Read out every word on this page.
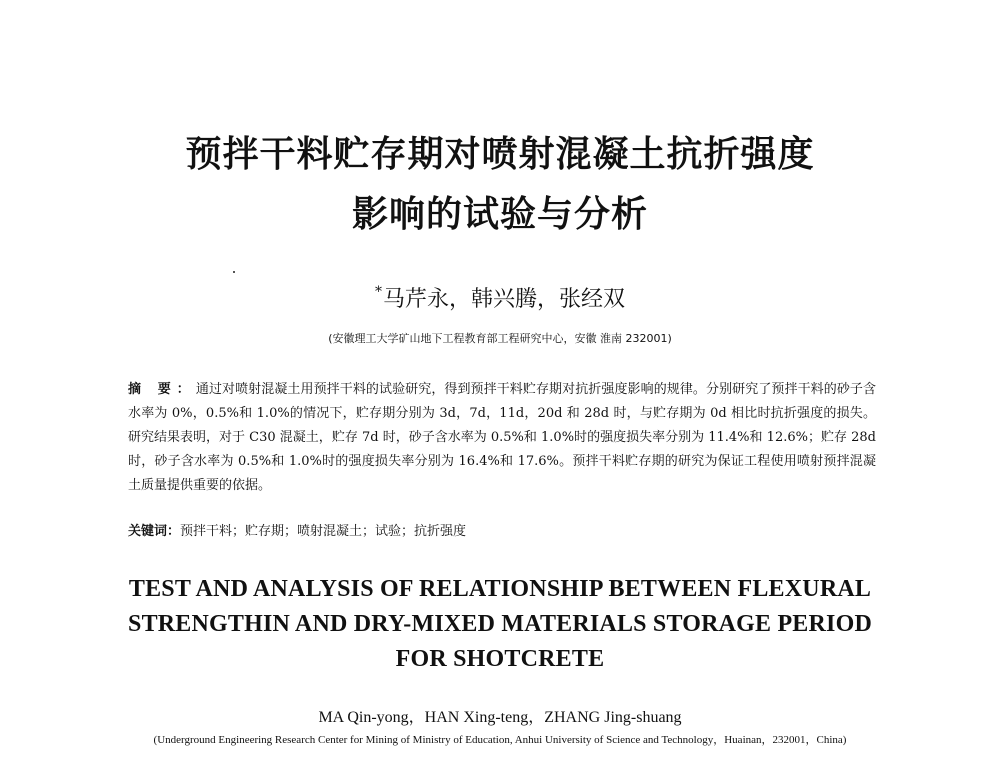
预拌干料贮存期对喷射混凝土抗折强度
影响的试验与分析
*马芹永，韩兴腾，张经双
(安徽理工大学矿山地下工程教育部工程研究中心，安徽 淮南 232001)
摘 要：通过对喷射混凝土用预拌干料的试验研究，得到预拌干料贮存期对抗折强度影响的规律。分别研究了预拌干料的砂子含水率为 0%，0.5%和 1.0%的情况下，贮存期分别为 3d，7d，11d，20d 和 28d 时，与贮存期为 0d 相比时抗折强度的损失。研究结果表明，对于 C30 混凝土，贮存 7d 时，砂子含水率为 0.5%和 1.0%时的强度损失率分别为 11.4%和 12.6%；贮存 28d 时，砂子含水率为 0.5%和 1.0%时的强度损失率分别为 16.4%和 17.6%。预拌干料贮存期的研究为保证工程使用喷射预拌混凝土质量提供重要的依据。
关键词：预拌干料；贮存期；喷射混凝土；试验；抗折强度
TEST AND ANALYSIS OF RELATIONSHIP BETWEEN FLEXURAL
STRENGTHIN AND DRY-MIXED MATERIALS STORAGE PERIOD
FOR SHOTCRETE
MA Qin-yong，HAN Xing-teng，ZHANG Jing-shuang
(Underground Engineering Research Center for Mining of Ministry of Education, Anhui University of Science and Technology，Huainan，232001，China)
